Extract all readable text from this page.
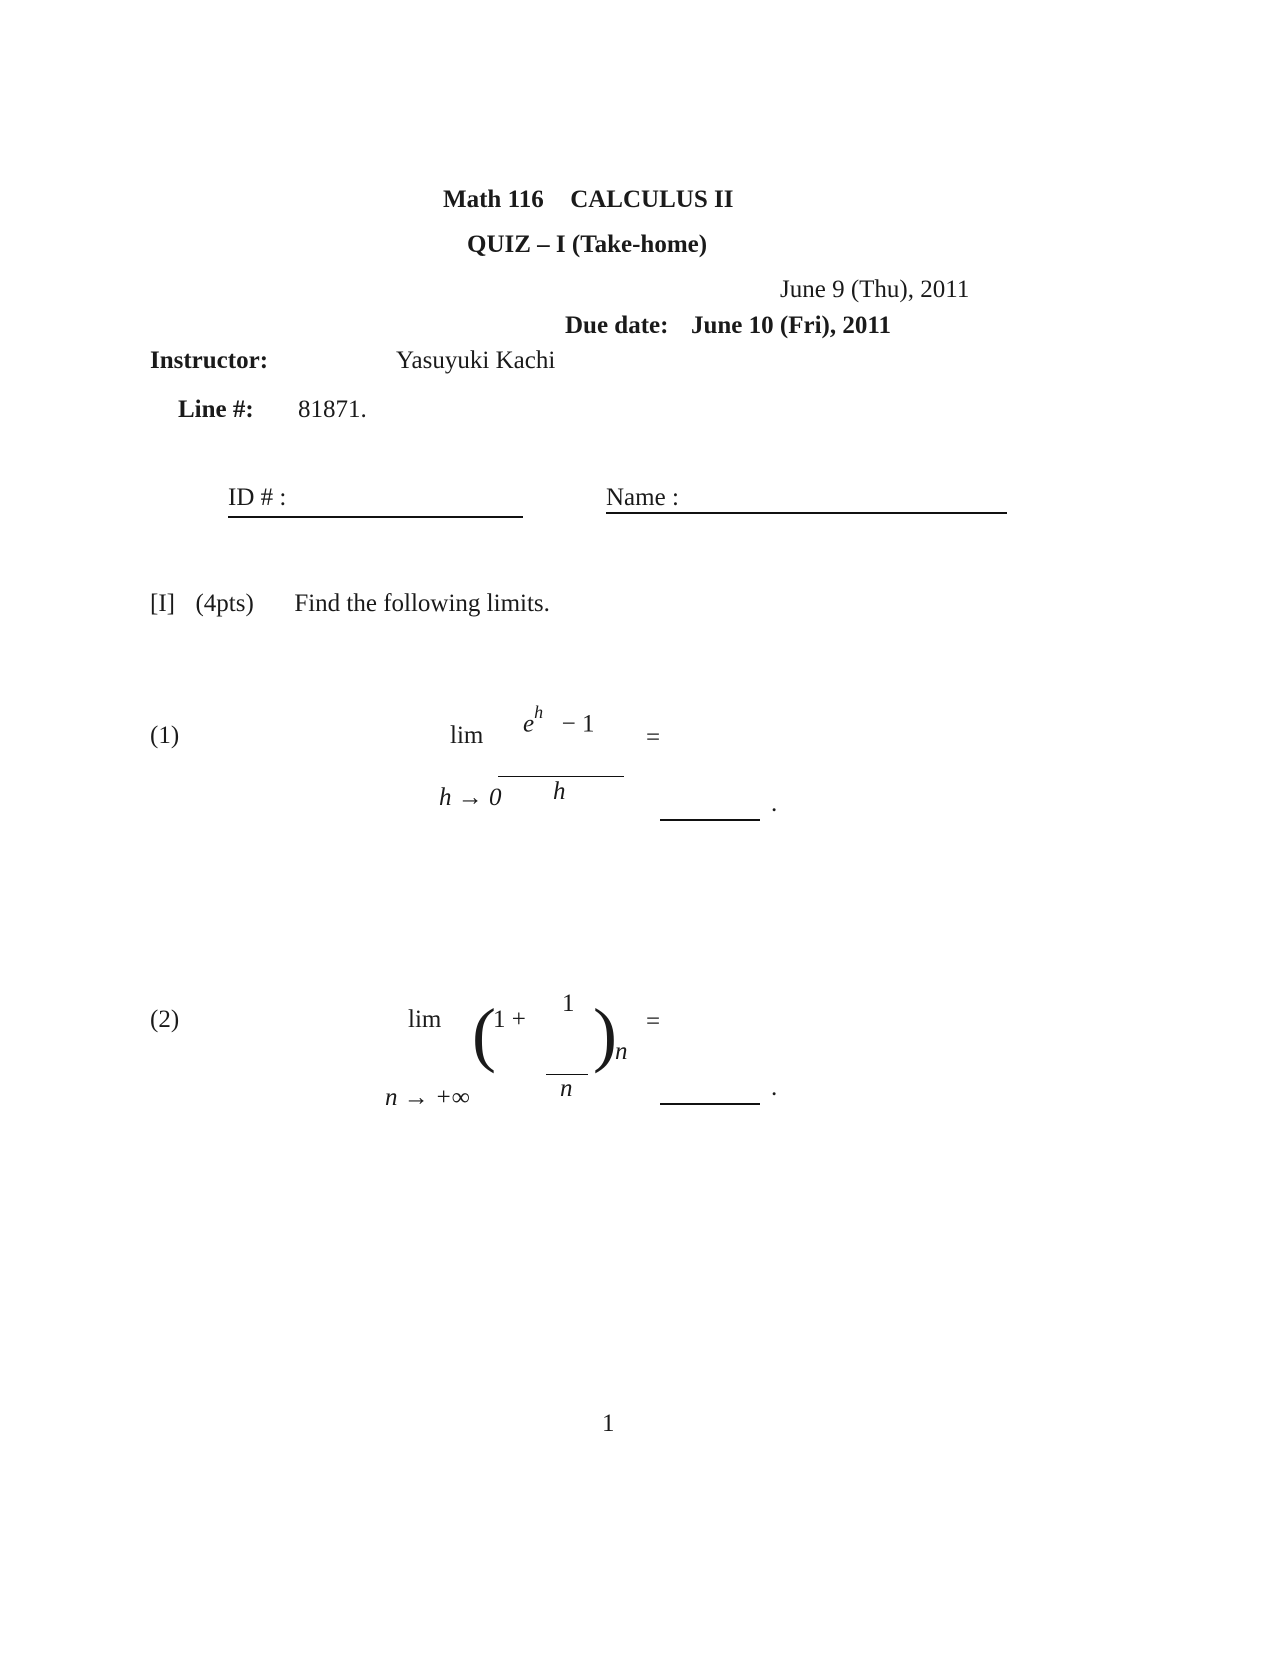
Math 116 CALCULUS II
QUIZ – I (Take-home)
June 9 (Thu), 2011
Due date: June 10 (Fri), 2011
Instructor:	Yasuyuki Kachi
Line #: 81871.
ID # :	Name :
[I] (4pts) Find the following limits.
(1)	lim
h → 0
$e^h - 1$
h
=
.
(2)	lim
n → +∞
(
1 +
1
n
)
n
=
.
1
